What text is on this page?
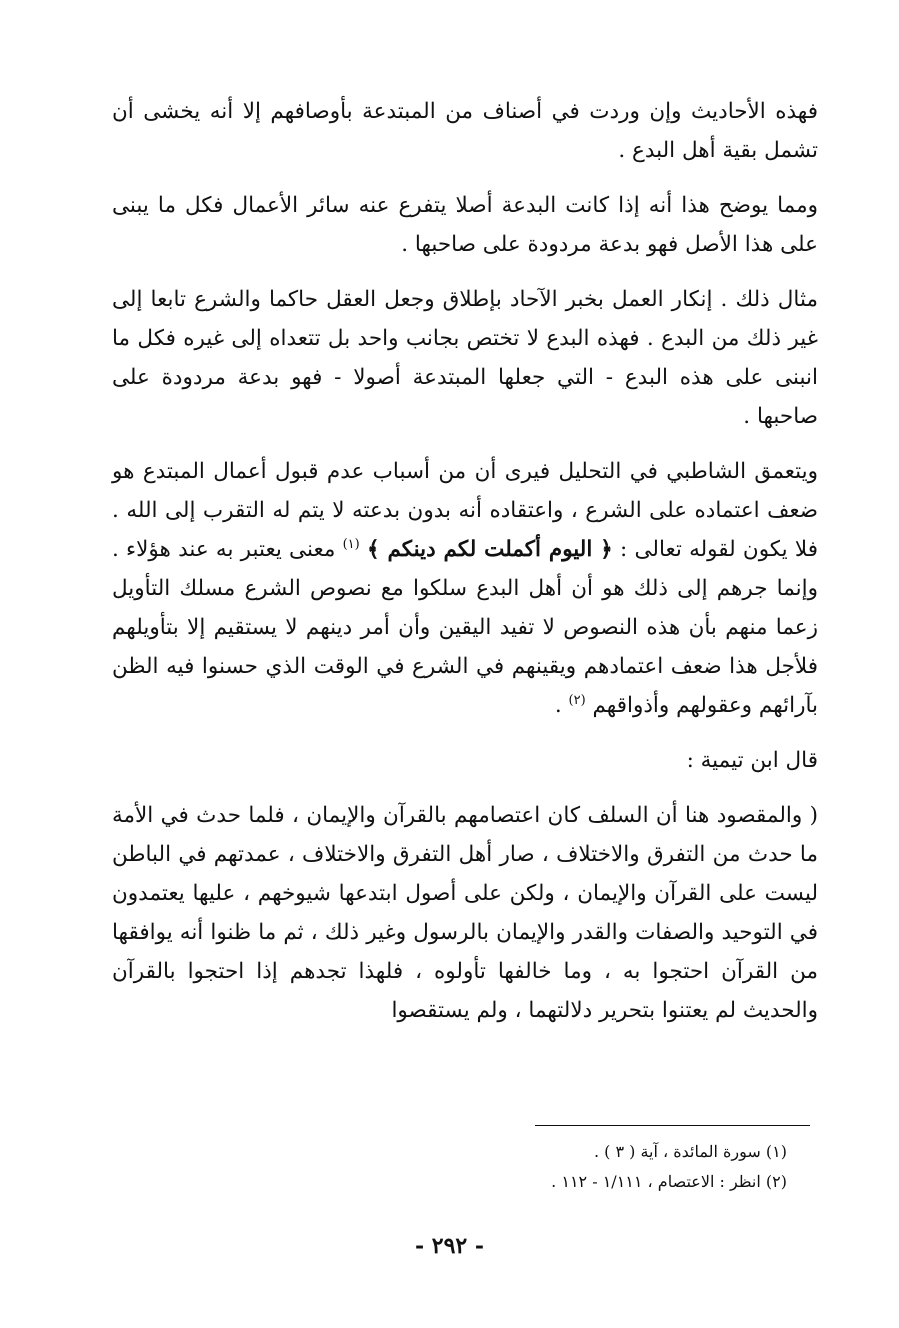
فهذه الأحاديث وإن وردت في أصناف من المبتدعة بأوصافهم إلا أنه يخشى أن تشمل بقية أهل البدع .

ومما يوضح هذا أنه إذا كانت البدعة أصلا يتفرع عنه سائر الأعمال فكل ما يبنى على هذا الأصل فهو بدعة مردودة على صاحبها .

مثال ذلك . إنكار العمل بخبر الآحاد بإطلاق وجعل العقل حاكما والشرع تابعا إلى غير ذلك من البدع . فهذه البدع لا تختص بجانب واحد بل تتعداه إلى غيره فكل ما انبنى على هذه البدع - التي جعلها المبتدعة أصولا - فهو بدعة مردودة على صاحبها .

ويتعمق الشاطبي في التحليل فيرى أن من أسباب عدم قبول أعمال المبتدع هو ضعف اعتماده على الشرع ، واعتقاده أنه بدون بدعته لا يتم له التقرب إلى الله . فلا يكون لقوله تعالى : ﴿ اليوم أكملت لكم دينكم ﴾ $^{(١)}$ معنى يعتبر به عند هؤلاء . وإنما جرهم إلى ذلك هو أن أهل البدع سلكوا مع نصوص الشرع مسلك التأويل زعما منهم بأن هذه النصوص لا تفيد اليقين وأن أمر دينهم لا يستقيم إلا بتأويلهم فلأجل هذا ضعف اعتمادهم ويقينهم في الشرع في الوقت الذي حسنوا فيه الظن بآرائهم وعقولهم وأذواقهم $^{(٢)}$ .

قال ابن تيمية :

( والمقصود هنا أن السلف كان اعتصامهم بالقرآن والإيمان ، فلما حدث في الأمة ما حدث من التفرق والاختلاف ، صار أهل التفرق والاختلاف ، عمدتهم في الباطن ليست على القرآن والإيمان ، ولكن على أصول ابتدعها شيوخهم ، عليها يعتمدون في التوحيد والصفات والقدر والإيمان بالرسول وغير ذلك ، ثم ما ظنوا أنه يوافقها من القرآن احتجوا به ، وما خالفها تأولوه ، فلهذا تجدهم إذا احتجوا بالقرآن والحديث لم يعتنوا بتحرير دلالتهما ، ولم يستقصوا

(١) سورة المائدة ، آية ( ٣ ) .
(٢) انظر : الاعتصام ، ١/١١١ - ١١٢ .
- ٢٩٢ -
